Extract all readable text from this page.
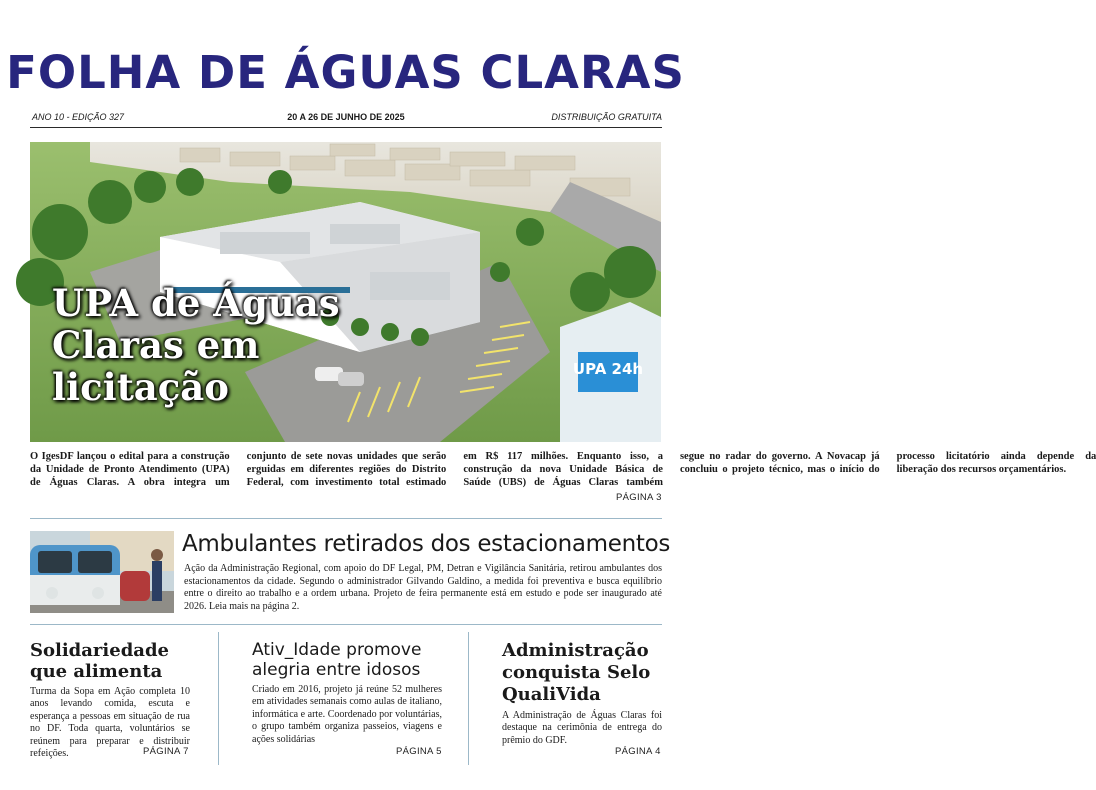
FOLHA DE ÁGUAS CLARAS
ANO 10 - EDIÇÃO 327	20 A 26 DE JUNHO DE 2025	DISTRIBUIÇÃO GRATUITA
UPA 24h
UPA de Águas Claras em licitação
O IgesDF lançou o edital para a construção da Unidade de Pronto Atendimento (UPA) de Águas Claras. A obra integra um conjunto de sete novas unidades que serão erguidas em diferentes regiões do Distrito Federal, com investimento total estimado em R$ 117 milhões. Enquanto isso, a construção da nova Unidade Básica de Saúde (UBS) de Águas Claras também segue no radar do governo. A Novacap já concluiu o projeto técnico, mas o início do processo licitatório ainda depende da liberação dos recursos orçamentários.
PÁGINA 3
Ambulantes retirados dos estacionamentos
Ação da Administração Regional, com apoio do DF Legal, PM, Detran e Vigilância Sanitária, retirou ambulantes dos estacionamentos da cidade. Segundo o administrador Gilvando Galdino, a medida foi preventiva e busca equilíbrio entre o direito ao trabalho e a ordem urbana. Projeto de feira permanente está em estudo e pode ser inaugurado até 2026. Leia mais na página 2.
Solidariedade que alimenta
Turma da Sopa em Ação completa 10 anos levando comida, escuta e esperança a pessoas em situação de rua no DF. Toda quarta, voluntários se reúnem para preparar e distribuir refeições.	PÁGINA 7
Ativ_Idade promove alegria entre idosos
Criado em 2016, projeto já reúne 52 mulheres em atividades semanais como aulas de italiano, informática e arte. Coordenado por voluntárias, o grupo também organiza passeios, viagens e ações solidárias
PÁGINA 5
Administração conquista Selo QualiVida
A Administração de Águas Claras foi destaque na cerimônia de entrega do prêmio do GDF.
PÁGINA 4
